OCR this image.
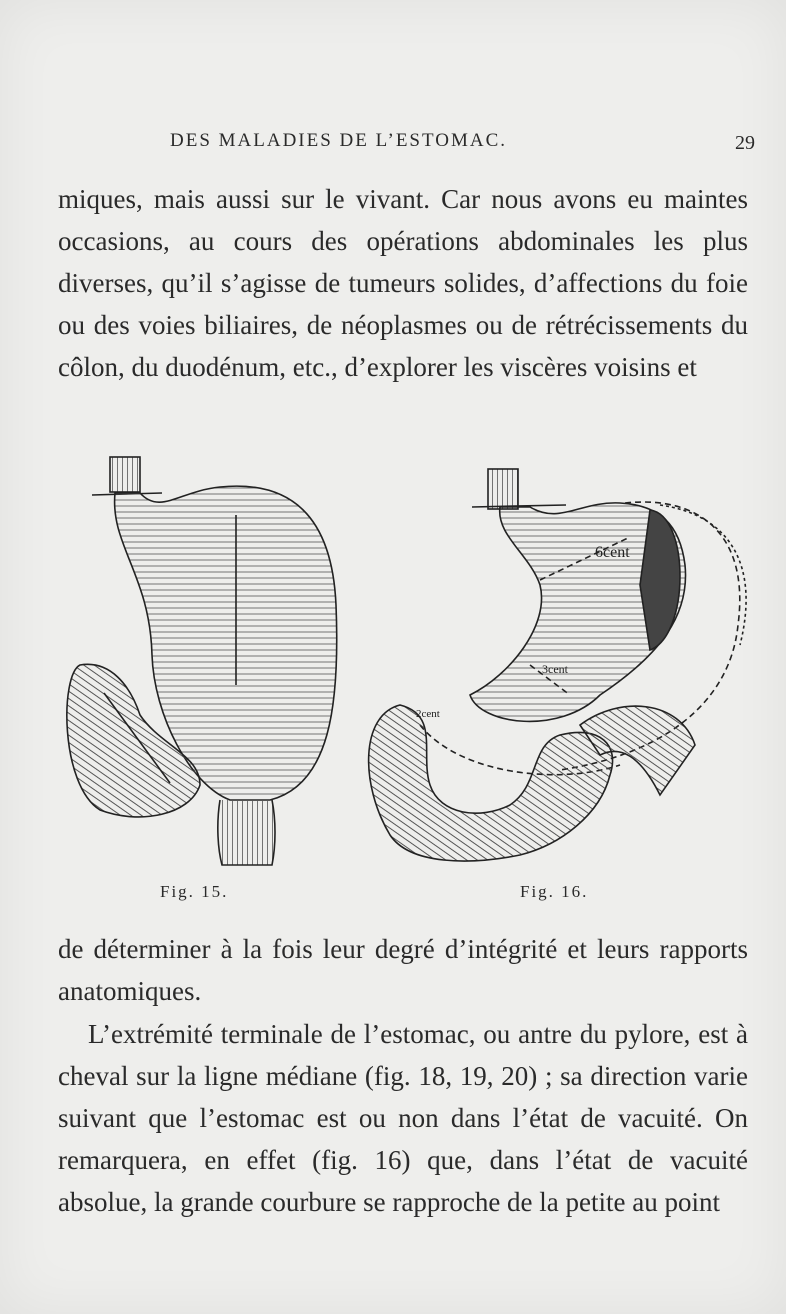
DES MALADIES DE L’ESTOMAC.	29

miques, mais aussi sur le vivant. Car nous avons eu maintes occasions, au cours des opérations abdominales les plus diverses, qu’il s’agisse de tumeurs solides, d’affections du foie ou des voies biliaires, de néoplasmes ou de rétrécissements du côlon, du duodénum, etc., d’explorer les viscères voisins et

6cent
3cent
2cent
Fig. 15.	Fig. 16.

de déterminer à la fois leur degré d’intégrité et leurs rapports anatomiques.

L’extrémité terminale de l’estomac, ou antre du pylore, est à cheval sur la ligne médiane (fig. 18, 19, 20) ; sa direction varie suivant que l’estomac est ou non dans l’état de vacuité. On remarquera, en effet (fig. 16) que, dans l’état de vacuité absolue, la grande courbure se rapproche de la petite au point
